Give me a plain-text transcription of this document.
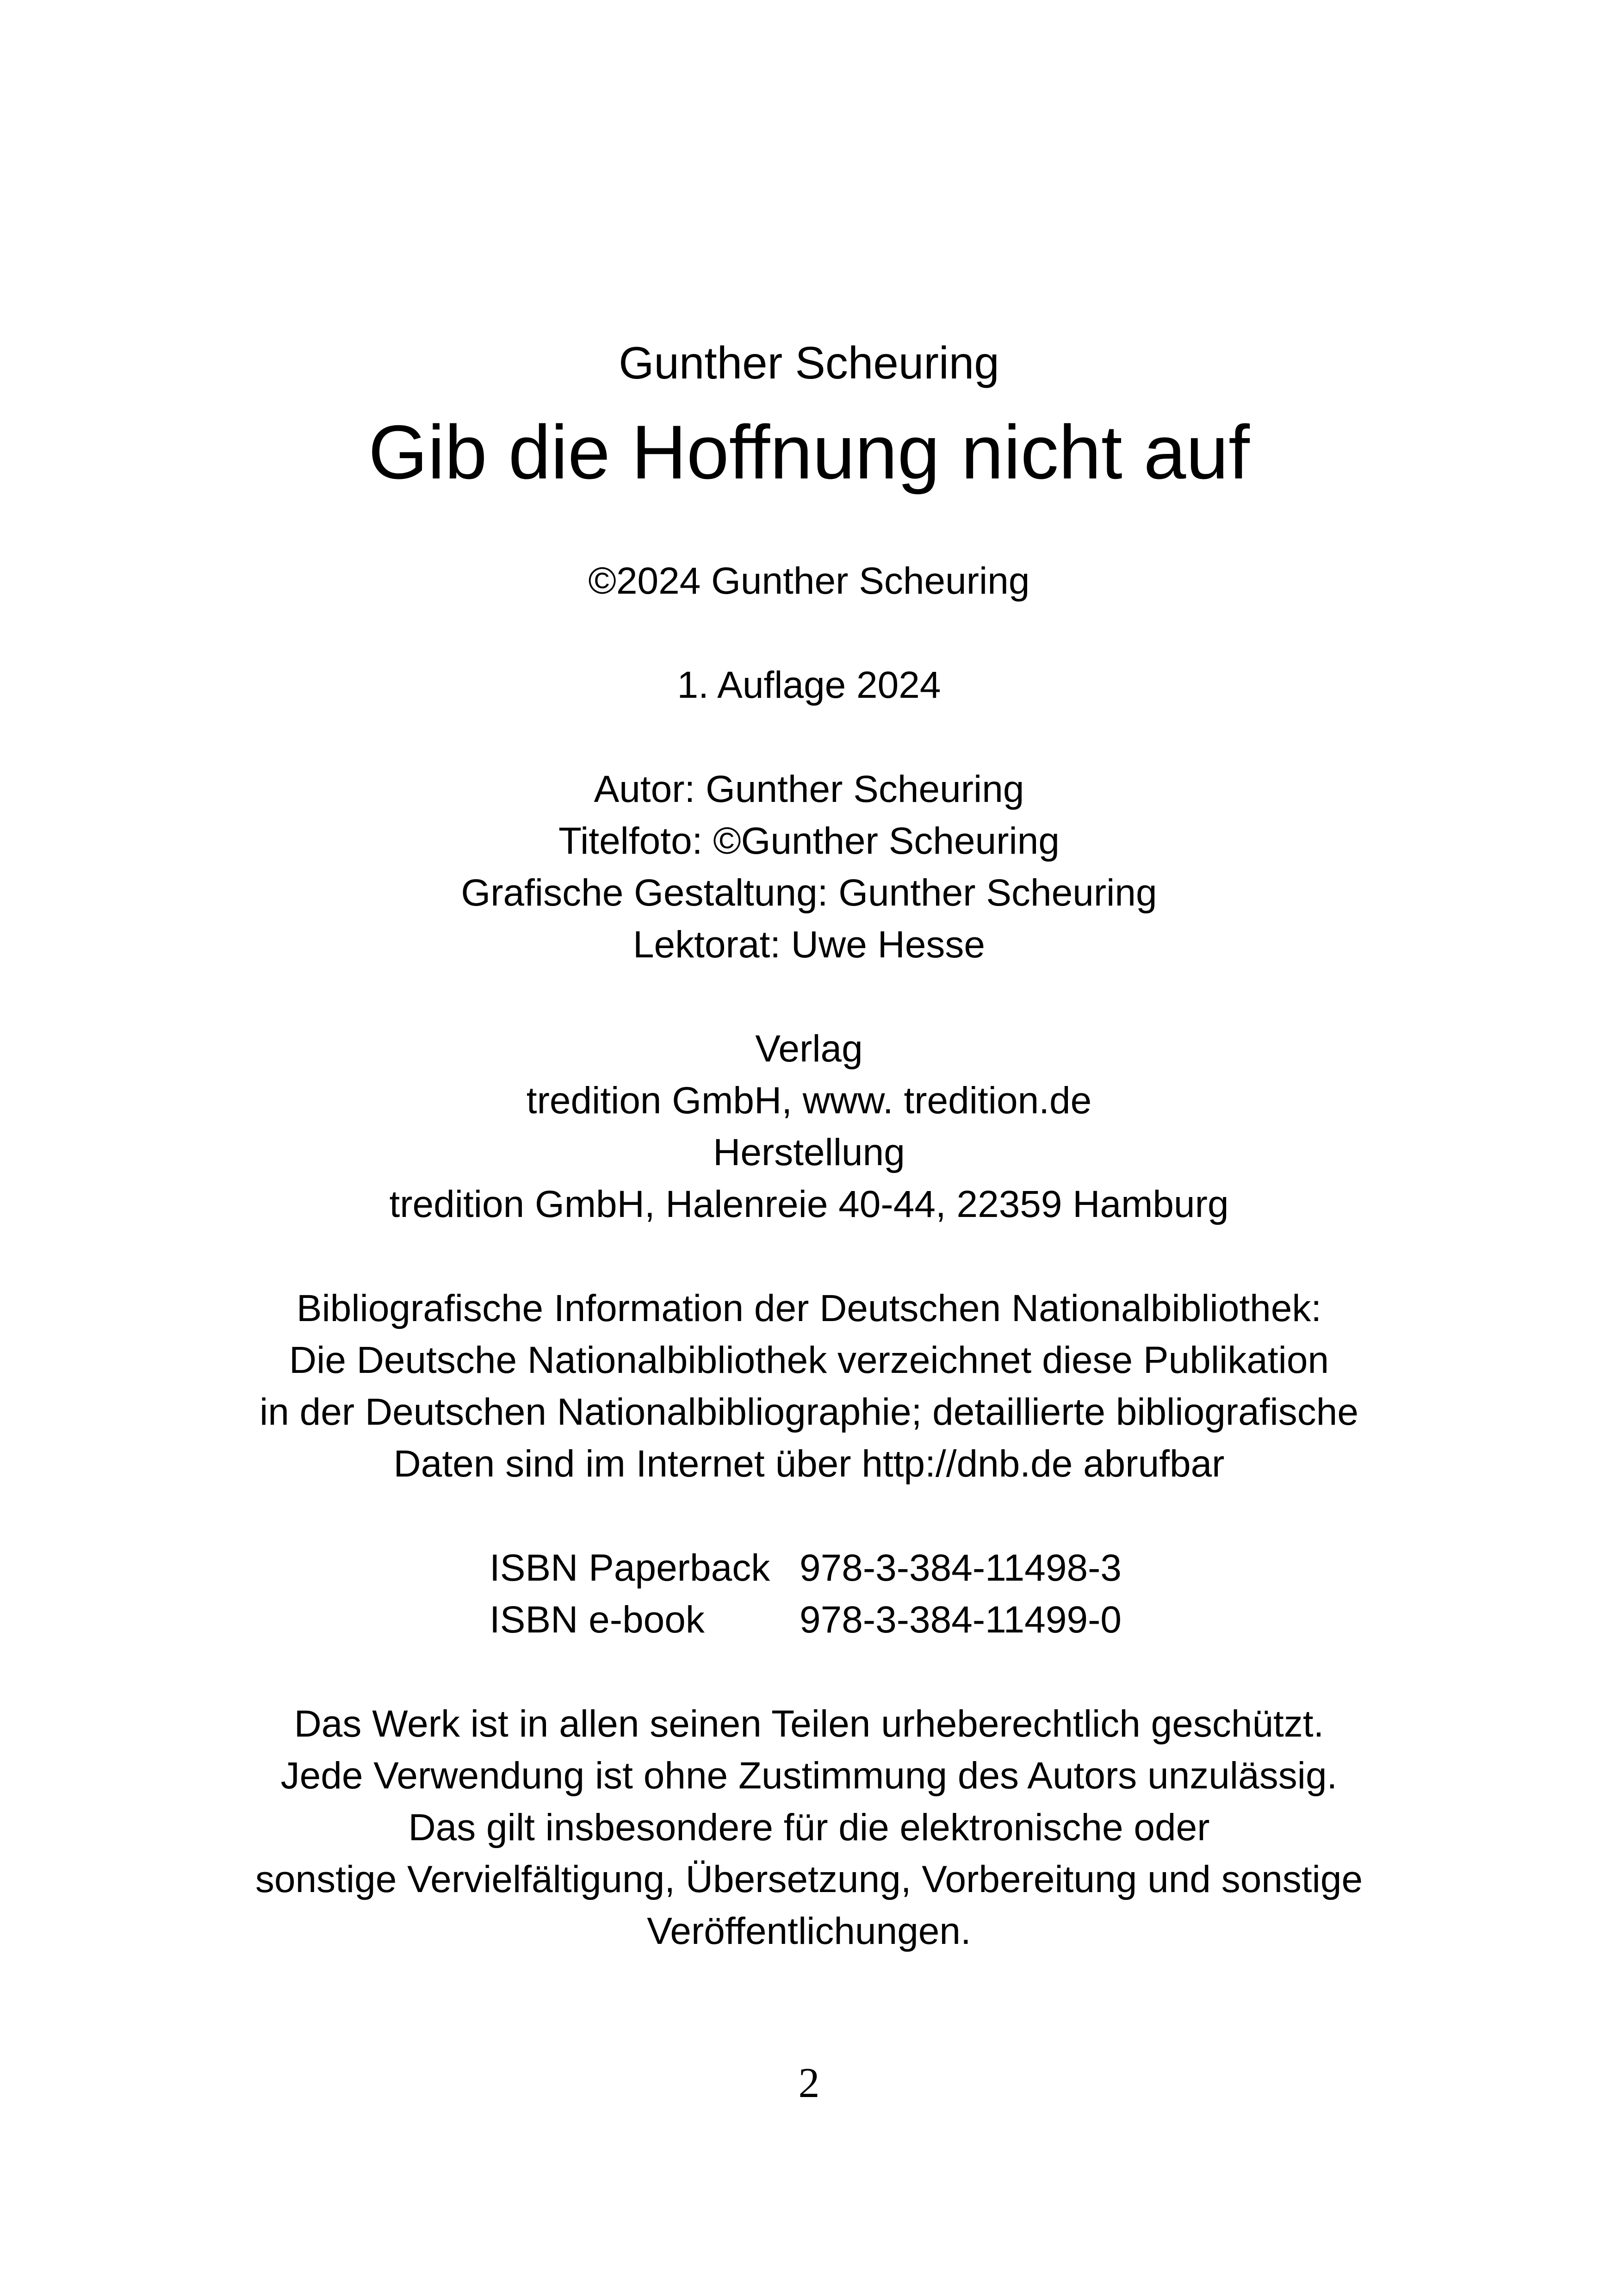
Gunther Scheuring
Gib die Hoffnung nicht auf
©2024 Gunther Scheuring
1. Auflage 2024
Autor: Gunther Scheuring
Titelfoto: ©Gunther Scheuring
Grafische Gestaltung: Gunther Scheuring
Lektorat: Uwe Hesse
Verlag
tredition GmbH, www. tredition.de
Herstellung
tredition GmbH, Halenreie 40-44, 22359 Hamburg
Bibliografische Information der Deutschen Nationalbibliothek:
Die Deutsche Nationalbibliothek verzeichnet diese Publikation
in der Deutschen Nationalbibliographie; detaillierte bibliografische
Daten sind im Internet über http://dnb.de abrufbar
ISBN Paperback 978-3-384-11498-3
ISBN e-book	978-3-384-11499-0
Das Werk ist in allen seinen Teilen urheberechtlich geschützt.
Jede Verwendung ist ohne Zustimmung des Autors unzulässig.
Das gilt insbesondere für die elektronische oder
sonstige Vervielfältigung, Übersetzung, Vorbereitung und sonstige
Veröffentlichungen.
2
